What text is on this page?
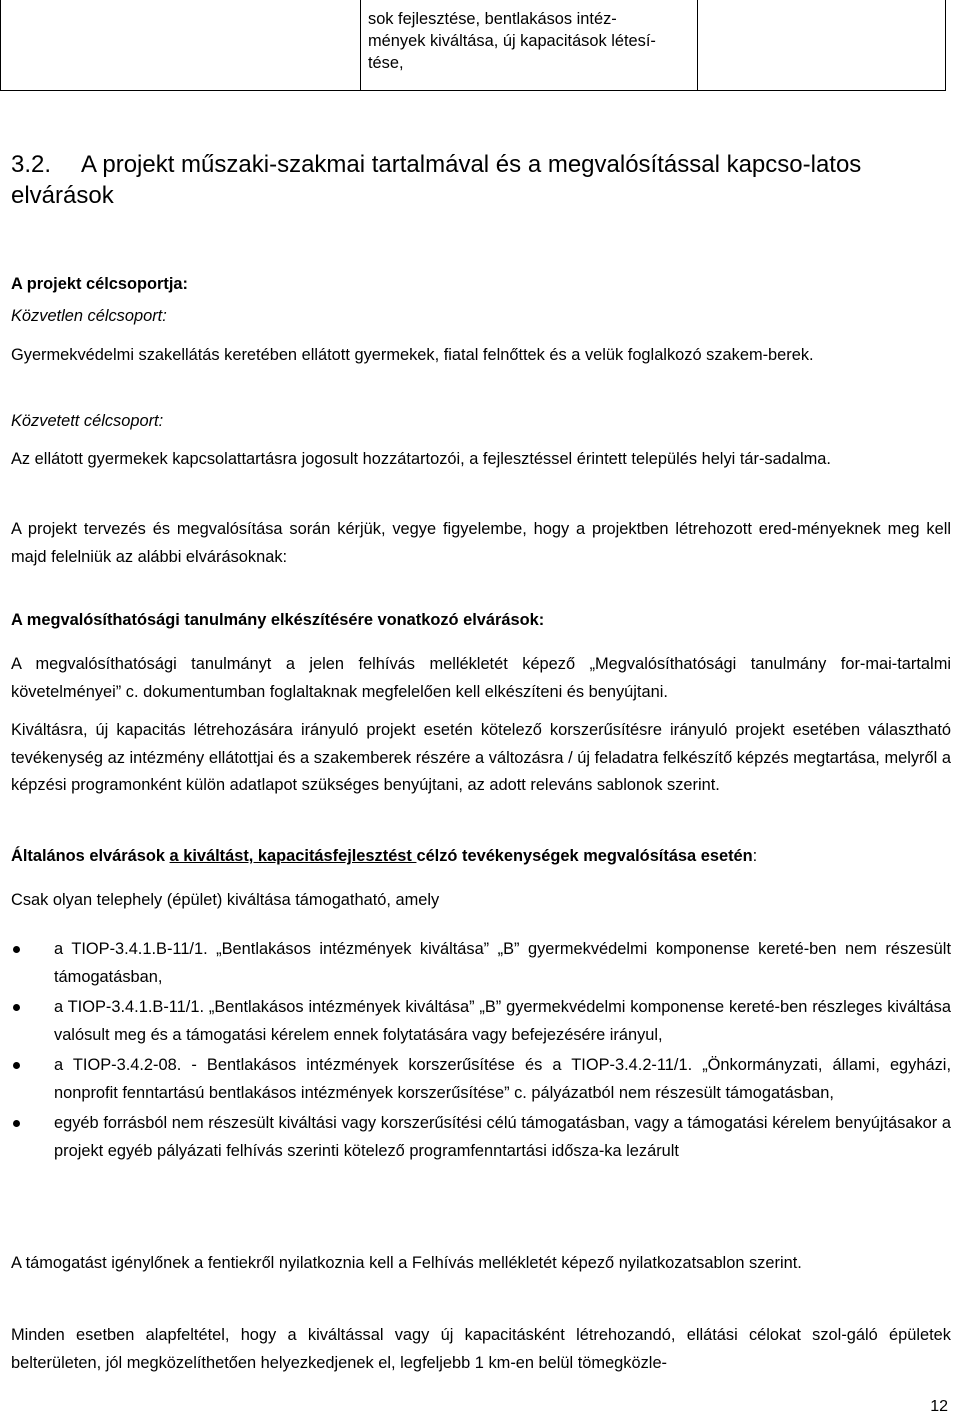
	sok fejlesztése, bentlakásos intéz-
mények kiváltása, új kapacitások létesí-
tése,	
3.2. A projekt műszaki-szakmai tartalmával és a megvalósítással kapcso-latos elvárások
A projekt célcsoportja:
Közvetlen célcsoport:
Gyermekvédelmi szakellátás keretében ellátott gyermekek, fiatal felnőttek és a velük foglalkozó szakem-berek.
Közvetett célcsoport:
Az ellátott gyermekek kapcsolattartásra jogosult hozzátartozói, a fejlesztéssel érintett település helyi tár-sadalma.
A projekt tervezés és megvalósítása során kérjük, vegye figyelembe, hogy a projektben létrehozott ered-ményeknek meg kell majd felelniük az alábbi elvárásoknak:
A megvalósíthatósági tanulmány elkészítésére vonatkozó elvárások:
A megvalósíthatósági tanulmányt a jelen felhívás mellékletét képező „Megvalósíthatósági tanulmány for-mai-tartalmi követelményei” c. dokumentumban foglaltaknak megfelelően kell elkészíteni és benyújtani.
Kiváltásra, új kapacitás létrehozására irányuló projekt esetén kötelező korszerűsítésre irányuló projekt esetében választható tevékenység az intézmény ellátottjai és a szakemberek részére a változásra / új feladatra felkészítő képzés megtartása, melyről a képzési programonként külön adatlapot szükséges benyújtani, az adott releváns sablonok szerint.
Általános elvárások a kiváltást, kapacitásfejlesztést célzó tevékenységek megvalósítása esetén:
Csak olyan telephely (épület) kiváltása támogatható, amely
a TIOP-3.4.1.B-11/1. „Bentlakásos intézmények kiváltása” „B” gyermekvédelmi komponense kereté-ben nem részesült támogatásban,
a TIOP-3.4.1.B-11/1. „Bentlakásos intézmények kiváltása” „B” gyermekvédelmi komponense kereté-ben részleges kiváltása valósult meg és a támogatási kérelem ennek folytatására vagy befejezésére irányul,
a TIOP-3.4.2-08. - Bentlakásos intézmények korszerűsítése és a TIOP-3.4.2-11/1. „Önkormányzati, állami, egyházi, nonprofit fenntartású bentlakásos intézmények korszerűsítése” c. pályázatból nem részesült támogatásban,
egyéb forrásból nem részesült kiváltási vagy korszerűsítési célú támogatásban, vagy a támogatási kérelem benyújtásakor a projekt egyéb pályázati felhívás szerinti kötelező programfenntartási idősza-ka lezárult
A támogatást igénylőnek a fentiekről nyilatkoznia kell a Felhívás mellékletét képező nyilatkozatsablon szerint.
Minden esetben alapfeltétel, hogy a kiváltással vagy új kapacitásként létrehozandó, ellátási célokat szol-gáló épületek belterületen, jól megközelíthetően helyezkedjenek el, legfeljebb 1 km-en belül tömegközle-
12
